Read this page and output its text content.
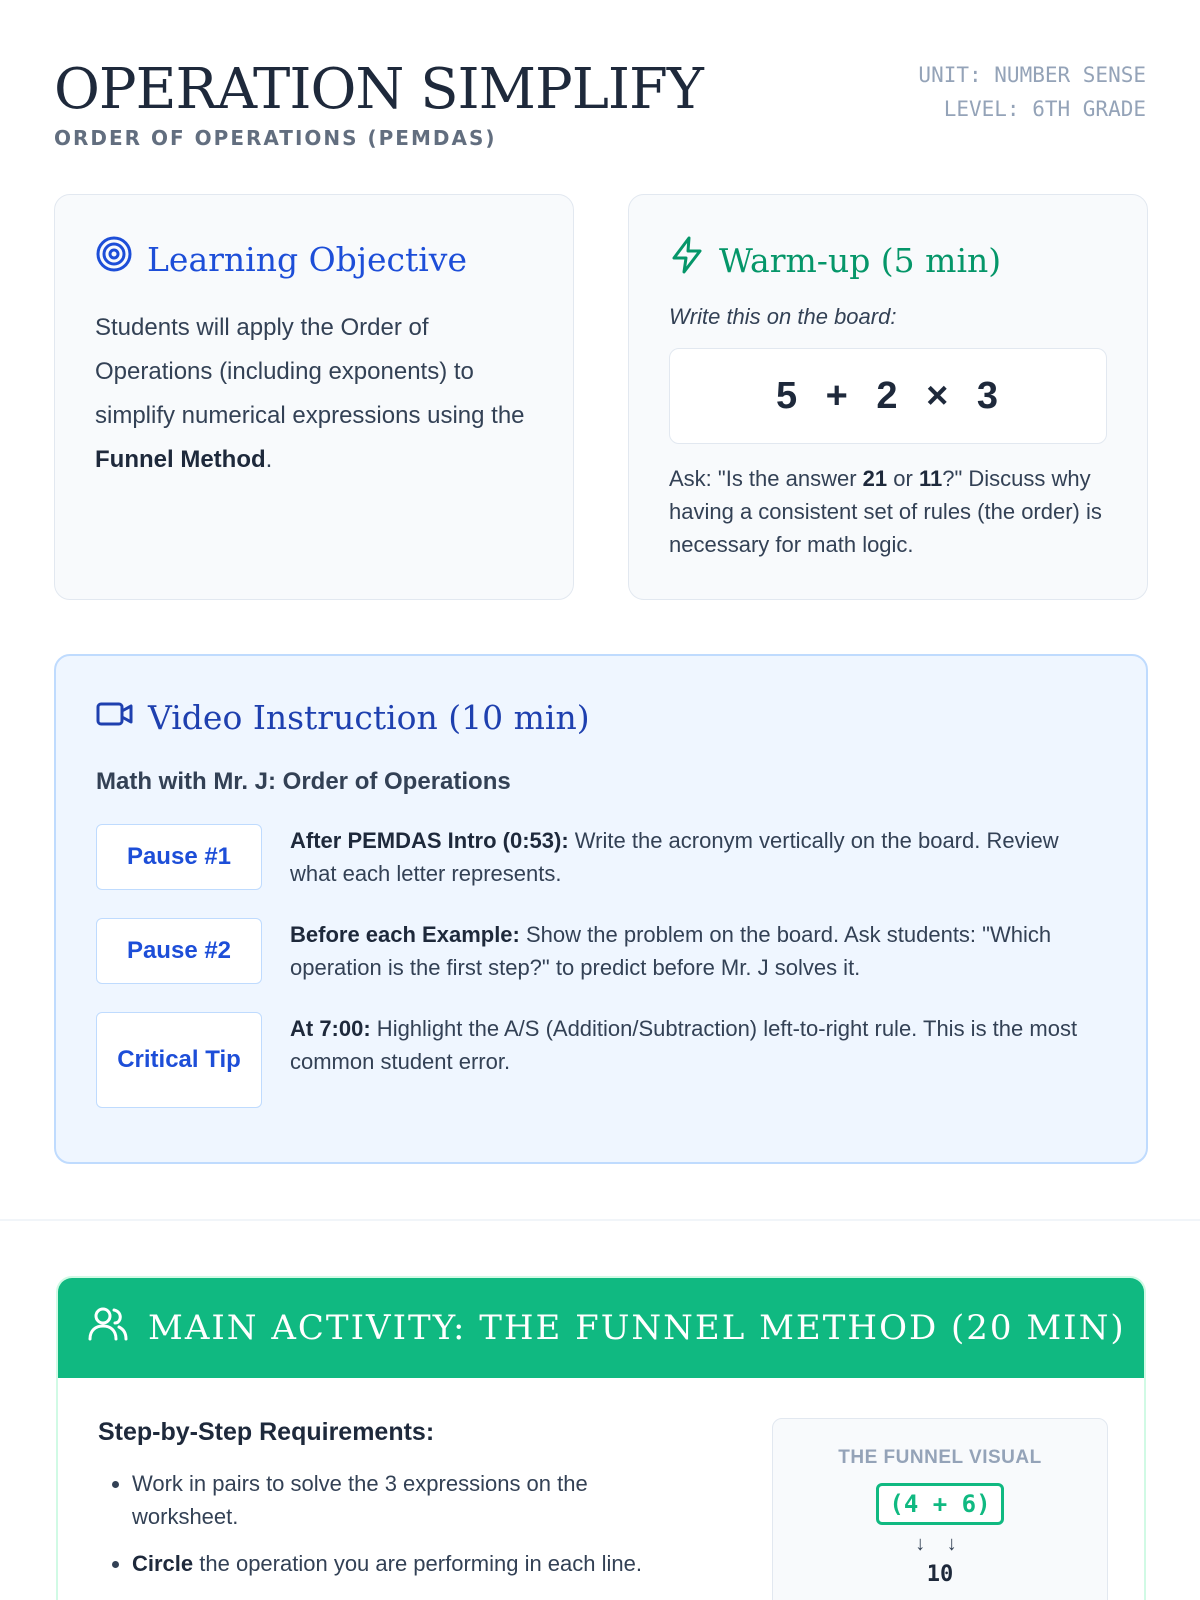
OPERATION SIMPLIFY
ORDER OF OPERATIONS (PEMDAS)
UNIT: NUMBER SENSE
LEVEL: 6TH GRADE
Learning Objective

Students will apply the Order of Operations (including exponents) to simplify numerical expressions using the Funnel Method.

Warm-up (5 min)
Write this on the board:
5 + 2 × 3

Ask: "Is the answer 21 or 11?" Discuss why having a consistent set of rules (the order) is necessary for math logic.

Video Instruction (10 min)
Math with Mr. J: Order of Operations
Pause #1

After PEMDAS Intro (0:53): Write the acronym vertically on the board. Review what each letter represents.

Pause #2

Before each Example: Show the problem on the board. Ask students: "Which operation is the first step?" to predict before Mr. J solves it.

Critical Tip

At 7:00: Highlight the A/S (Addition/Subtraction) left-to-right rule. This is the most common student error.

MAIN ACTIVITY: THE FUNNEL METHOD (20 MIN)
Step-by-Step Requirements:
• Work in pairs to solve the 3 expressions on the worksheet.
• Circle the operation you are performing in each line.
THE FUNNEL VISUAL
(4 + 6)
↓ ↓
10
